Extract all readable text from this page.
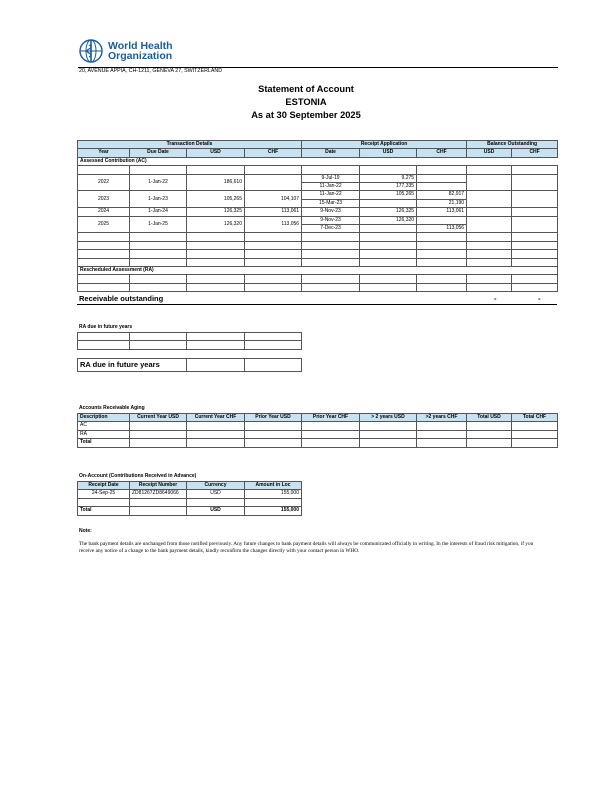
World Health
Organization
20, AVENUE APPIA, CH-1211, GENEVA 27, SWITZERLAND
Statement of Account
ESTONIA
As at 30 September 2025
Transaction Details				Receipt Application			Balance Outstanding	
Year	Due Date	USD	CHF	Date	USD	CHF	USD	CHF
Assessed Contribution (AC)								

2022	1-Jan-22	186,610		9-Jul-19	9,275			
				11-Jan-22	177,335			
2023	1-Jan-23	105,265	104,107	11-Jan-22	105,265	82,917		
				15-Mar-23		21,190		
2024	1-Jan-24	126,325	113,061	9-Nov-23	126,325	113,061		
2025	1-Jan-25	126,320	113,056	9-Nov-23	126,320			
				7-Dec-23		113,056		

Rescheduled Assessment (RA)								

Receivable outstanding	-	-
RA due in future years

RA due in future years		
Accounts Receivable Aging
Description	Current Year USD	Current Year CHF	Prior Year USD	Prior Year CHF	> 2 years USD	>2 years CHF	Total USD	Total CHF
AC								
RA								
Total								
On-Account (Contributions Received in Advance)
Receipt Date	Receipt Number	Currency	Amount in Loc
24-Sep-25	ZD81267ZD8649066	USD	155,000

Total		USD	155,000
Note:
The bank payment details are unchanged from those notified previously. Any future changes to bank payment details will always be communicated officially in writing. In the interests of fraud risk mitigation, if you receive any notice of a change to the bank payment details, kindly reconfirm the changes directly with your contact person in WHO.
